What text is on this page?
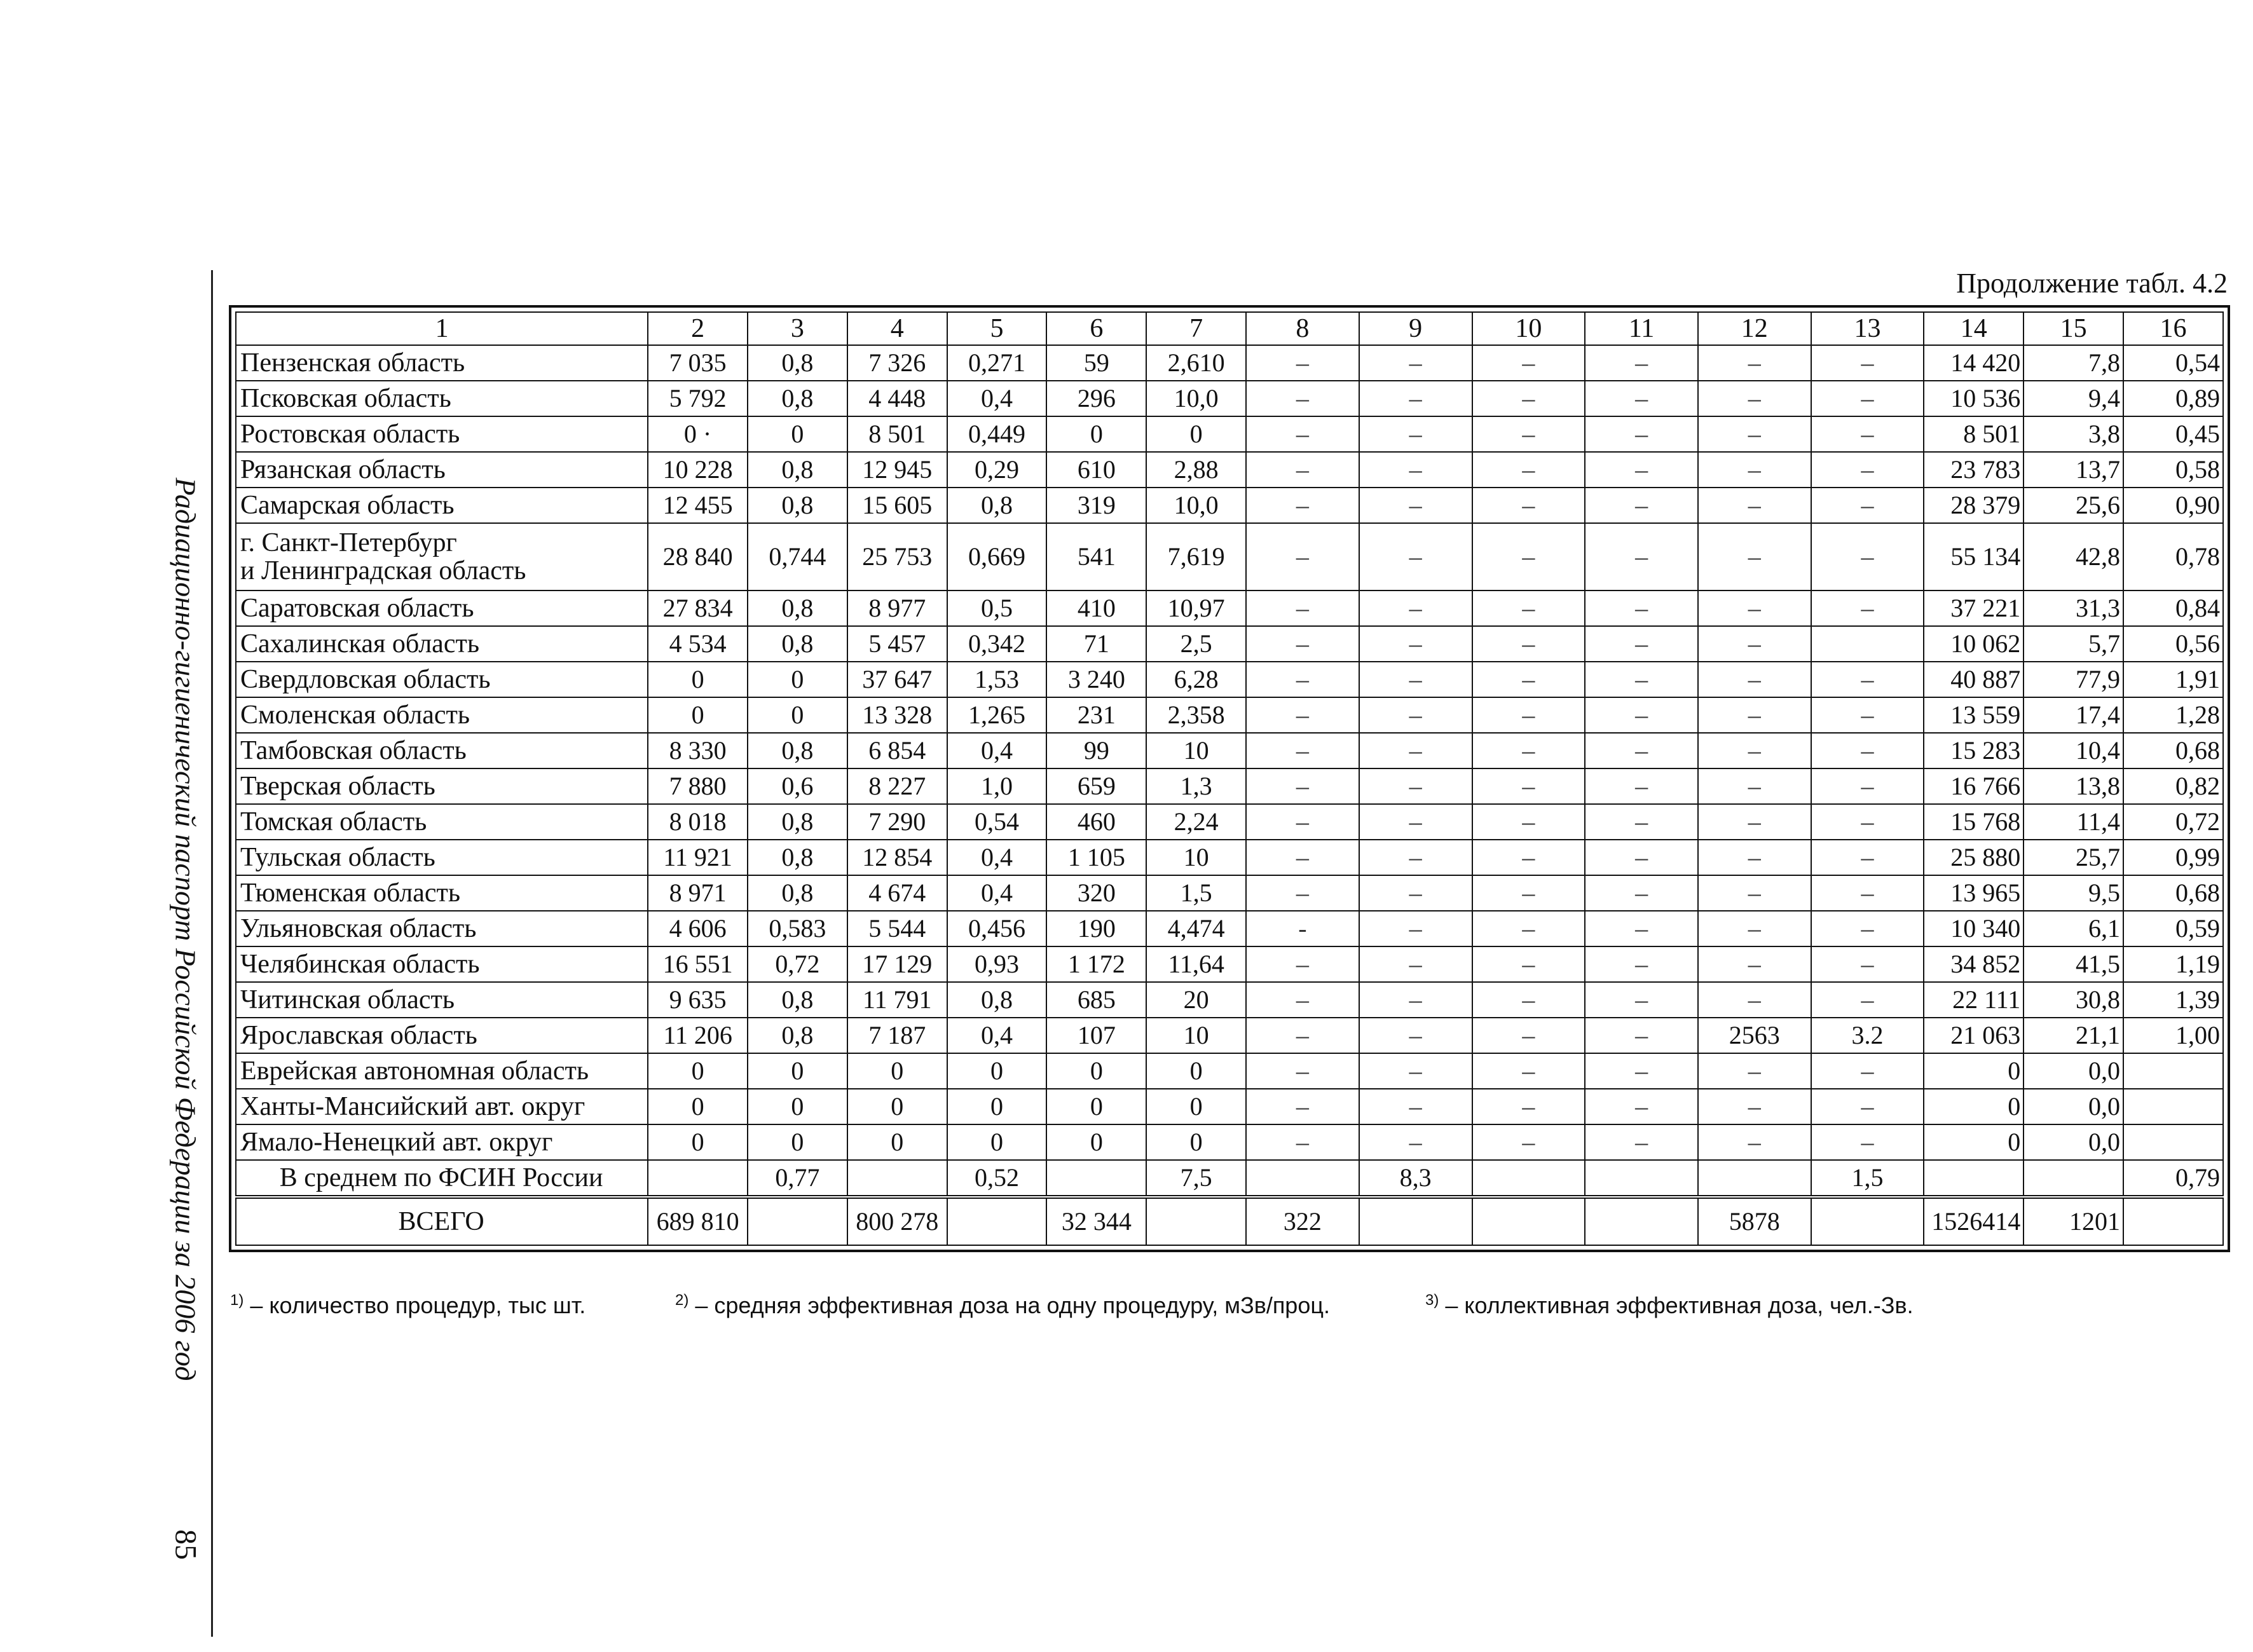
Радиационно-гигиенический паспорт Российской Федерации за 2006 год
85
Продолжение табл. 4.2
1	2	3	4	5	6	7	8	9	10	11	12	13	14	15	16
Пензенская область	7 035	0,8	7 326	0,271	59	2,610	–	–	–	–	–	–	14 420	7,8	0,54
Псковская область	5 792	0,8	4 448	0,4	296	10,0	–	–	–	–	–	–	10 536	9,4	0,89
Ростовская область	0 ·	0	8 501	0,449	0	0	–	–	–	–	–	–	8 501	3,8	0,45
Рязанская область	10 228	0,8	12 945	0,29	610	2,88	–	–	–	–	–	–	23 783	13,7	0,58
Самарская область	12 455	0,8	15 605	0,8	319	10,0	–	–	–	–	–	–	28 379	25,6	0,90
г. Санкт-Петербург
и Ленинградская область	28 840	0,744	25 753	0,669	541	7,619	–	–	–	–	–	–	55 134	42,8	0,78
Саратовская область	27 834	0,8	8 977	0,5	410	10,97	–	–	–	–	–	–	37 221	31,3	0,84
Сахалинская область	4 534	0,8	5 457	0,342	71	2,5	–	–	–	–	–		10 062	5,7	0,56
Свердловская область	0	0	37 647	1,53	3 240	6,28	–	–	–	–	–	–	40 887	77,9	1,91
Смоленская область	0	0	13 328	1,265	231	2,358	–	–	–	–	–	–	13 559	17,4	1,28
Тамбовская область	8 330	0,8	6 854	0,4	99	10	–	–	–	–	–	–	15 283	10,4	0,68
Тверская область	7 880	0,6	8 227	1,0	659	1,3	–	–	–	–	–	–	16 766	13,8	0,82
Томская область	8 018	0,8	7 290	0,54	460	2,24	–	–	–	–	–	–	15 768	11,4	0,72
Тульская область	11 921	0,8	12 854	0,4	1 105	10	–	–	–	–	–	–	25 880	25,7	0,99
Тюменская область	8 971	0,8	4 674	0,4	320	1,5	–	–	–	–	–	–	13 965	9,5	0,68
Ульяновская область	4 606	0,583	5 544	0,456	190	4,474	-	–	–	–	–	–	10 340	6,1	0,59
Челябинская область	16 551	0,72	17 129	0,93	1 172	11,64	–	–	–	–	–	–	34 852	41,5	1,19
Читинская область	9 635	0,8	11 791	0,8	685	20	–	–	–	–	–	–	22 111	30,8	1,39
Ярославская область	11 206	0,8	7 187	0,4	107	10	–	–	–	–	2563	3.2	21 063	21,1	1,00
Еврейская автономная область	0	0	0	0	0	0	–	–	–	–	–	–	0	0,0	
Ханты-Мансийский авт. округ	0	0	0	0	0	0	–	–	–	–	–	–	0	0,0	
Ямало-Ненецкий авт. округ	0	0	0	0	0	0	–	–	–	–	–	–	0	0,0	
В среднем по ФСИН России		0,77		0,52		7,5		8,3				1,5			0,79
ВСЕГО	689 810		800 278		32 344		322				5878		1526414	1201	
$^{1)}$ – количество процедур, тыс шт.	$^{2)}$ – средняя эффективная доза на одну процедуру, мЗв/проц.	$^{3)}$ – коллективная эффективная доза, чел.-Зв.
